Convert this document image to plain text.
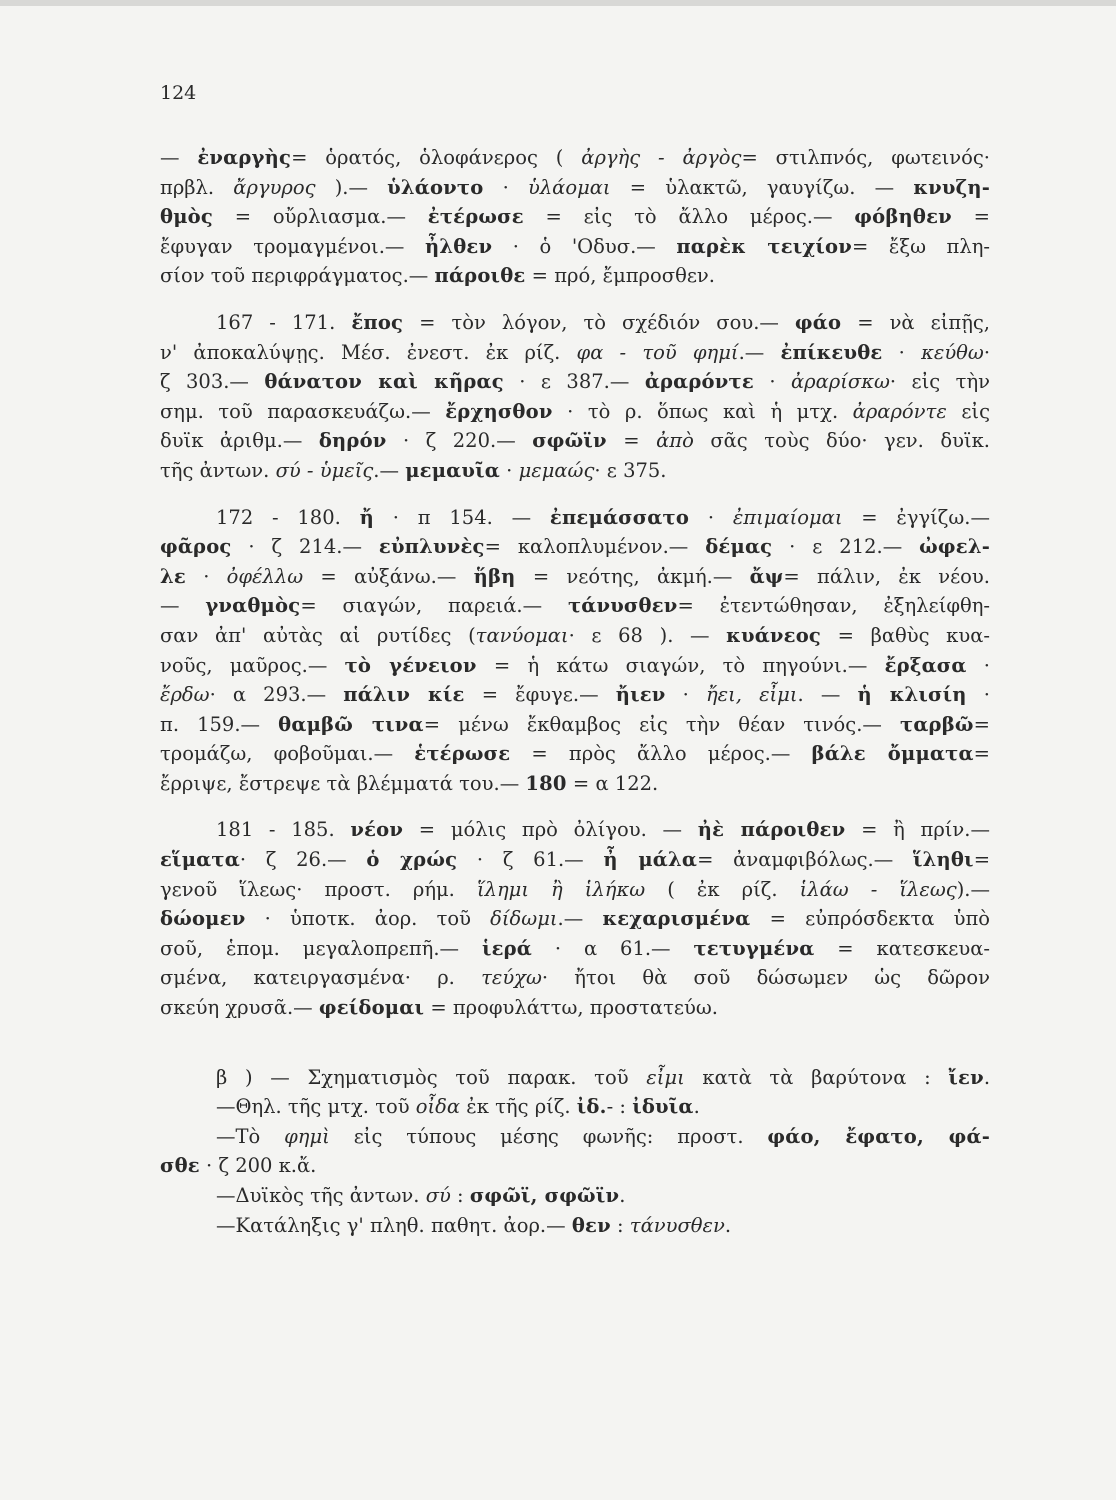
124
— ἐναργὴς= ὁρατός, ὁλοφάνερος ( ἀργὴς - ἀργὸς= στιλπνός, φωτεινός·
πρβλ. ἄργυρος ).— ὑλάοντο · ὑλάομαι = ὑλακτῶ, γαυγίζω. — κνυζη-
θμὸς = οὔρλιασμα.— ἐτέρωσε = εἰς τὸ ἄλλο μέρος.— φόβηθεν =
ἔφυγαν τρομαγμένοι.— ἦλθεν · ὁ 'Οδυσ.— παρὲκ τειχίον= ἔξω πλη-
σίον τοῦ περιφράγματος.— πάροιθε = πρό, ἔμπροσθεν.
167 - 171. ἔπος = τὸν λόγον, τὸ σχέδιόν σου.— φάο = νὰ εἰπῇς,
ν' ἀποκαλύψῃς. Μέσ. ἐνεστ. ἐκ ρίζ. φα - τοῦ φημί.— ἐπίκευθε · κεύθω·
ζ 303.— θάνατον καὶ κῆρας · ε 387.— ἀραρόντε · ἀραρίσκω· εἰς τὴν
σημ. τοῦ παρασκευάζω.— ἔρχησθον · τὸ ρ. ὅπως καὶ ἡ μτχ. ἀραρόντε εἰς
δυϊκ ἀριθμ.— δηρόν · ζ 220.— σφῶϊν = ἀπὸ σᾶς τοὺς δύο· γεν. δυϊκ.
τῆς ἀντων. σύ - ὑμεῖς.— μεμαυῖα · μεμαώς· ε 375.
172 - 180. ἤ · π 154. — ἐπεμάσσατο · ἐπιμαίομαι = ἐγγίζω.—
φᾶρος · ζ 214.— εὐπλυνὲς= καλοπλυμένον.— δέμας · ε 212.— ὠφελ-
λε · ὀφέλλω = αὐξάνω.— ἥβη = νεότης, ἀκμή.— ἄψ= πάλιν, ἐκ νέου.
— γναθμὸς= σιαγών, παρειά.— τάνυσθεν= ἐτεντώθησαν, ἐξηλείφθη-
σαν ἀπ' αὐτὰς αἱ ρυτίδες (τανύομαι· ε 68 ). — κυάνεος = βαθὺς κυα-
νοῦς, μαῦρος.— τὸ γένειον = ἡ κάτω σιαγών, τὸ πηγούνι.— ἔρξασα ·
ἔρδω· α 293.— πάλιν κίε = ἔφυγε.— ἤιεν · ἤει, εἶμι. — ἡ κλισίη ·
π. 159.— θαμβῶ τινα= μένω ἔκθαμβος εἰς τὴν θέαν τινός.— ταρβῶ=
τρομάζω, φοβοῦμαι.— ἑτέρωσε = πρὸς ἄλλο μέρος.— βάλε ὄμματα=
ἔρριψε, ἔστρεψε τὰ βλέμματά του.— 180 = α 122.
181 - 185. νέον = μόλις πρὸ ὀλίγου. — ἠὲ πάροιθεν = ἢ πρίν.—
εἵματα· ζ 26.— ὁ χρώς · ζ 61.— ἦ μάλα= ἀναμφιβόλως.— ἵληθι=
γενοῦ ἵλεως· προστ. ρήμ. ἵλημι ἢ ἱλήκω ( ἐκ ρίζ. ἱλάω - ἵλεως).—
δώομεν · ὑποτκ. ἀορ. τοῦ δίδωμι.— κεχαρισμένα = εὐπρόσδεκτα ὑπὸ
σοῦ, ἑπομ. μεγαλοπρεπῆ.— ἱερά · α 61.— τετυγμένα = κατεσκευα-
σμένα, κατειργασμένα· ρ. τεύχω· ἤτοι θὰ σοῦ δώσωμεν ὡς δῶρον
σκεύη χρυσᾶ.— φείδομαι = προφυλάττω, προστατεύω.
β ) — Σχηματισμὸς τοῦ παρακ. τοῦ εἶμι κατὰ τὰ βαρύτονα : ἴεν.
—Θηλ. τῆς μτχ. τοῦ οἶδα ἐκ τῆς ρίζ. ἰδ.- : ἰδυῖα.
—Τὸ φημὶ εἰς τύπους μέσης φωνῆς: προστ. φάο, ἔφατο, φά-
σθε · ζ 200 κ.ἄ.
—Δυϊκὸς τῆς ἀντων. σύ : σφῶϊ, σφῶϊν.
—Κατάληξις γ' πληθ. παθητ. ἀορ.— θεν : τάνυσθεν.
